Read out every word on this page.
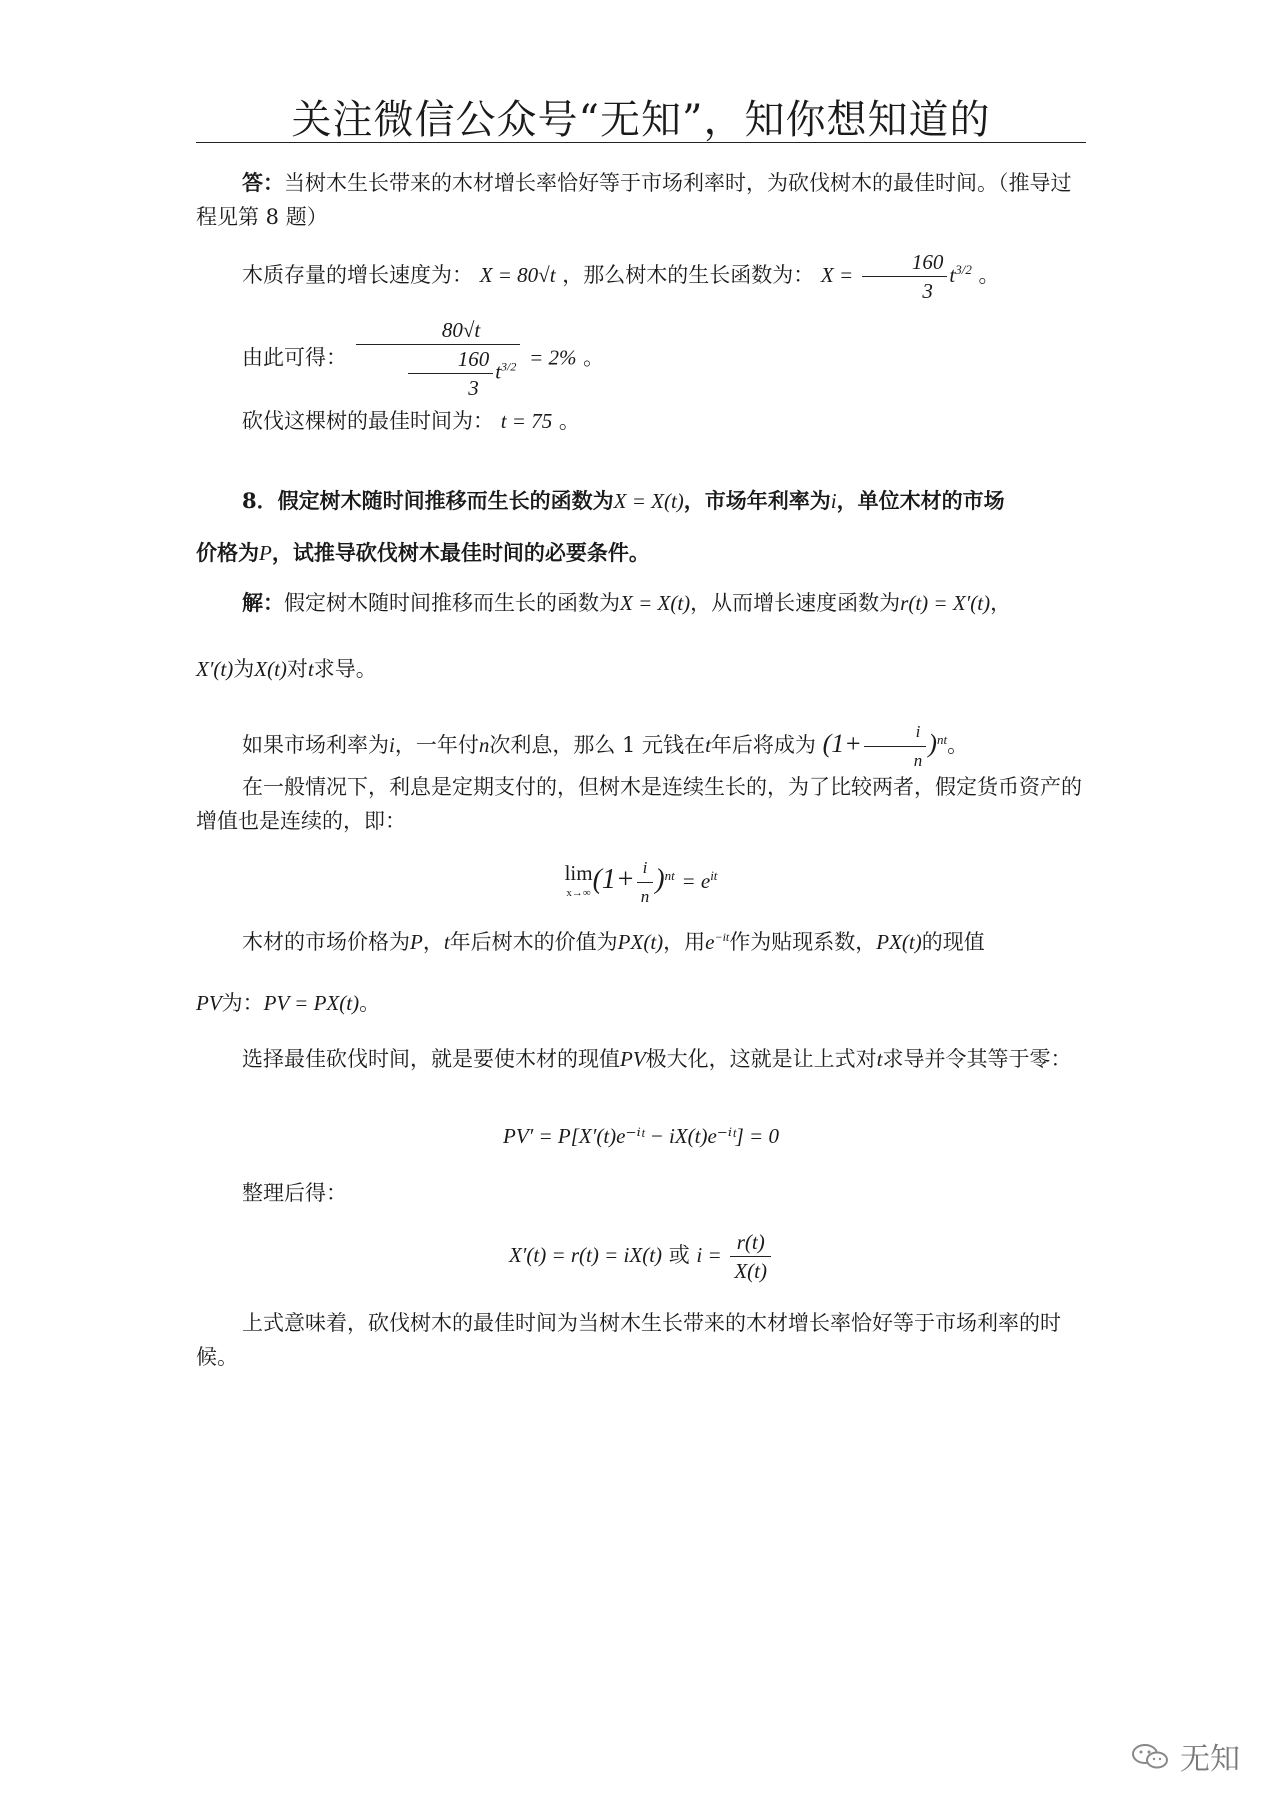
关注微信公众号“无知”，知你想知道的
答：当树木生长带来的木材增长率恰好等于市场利率时，为砍伐树木的最佳时间。（推导过程见第 8 题）
木质存量的增长速度为： X = 80√t ，那么树木的生长函数为： $X = \frac{160}{3} t^{3/2}$ 。
由此可得： $\frac{80√t}{\frac{160}{3} t^{3/2}} = 2\%$ 。
砍伐这棵树的最佳时间为： t = 75 。
8．假定树木随时间推移而生长的函数为X = X(t)，市场年利率为i，单位木材的市场
价格为P，试推导砍伐树木最佳时间的必要条件。
解：假定树木随时间推移而生长的函数为X = X(t)，从而增长速度函数为r(t) = X′(t)，
X′(t)为X(t)对t求导。
如果市场利率为i，一年付n次利息，那么 1 元钱在t年后将成为 $(1+ \frac{i}{n} )^{nt}$。
在一般情况下，利息是定期支付的，但树木是连续生长的，为了比较两者，假定货币资产的增值也是连续的，即：
lim
x→∞ $(1+ \frac{i}{n} )^{nt} = e^{it}$
木材的市场价格为P，t年后树木的价值为PX(t)，用$e^{-it}$作为贴现系数，PX(t)的现值
PV为：PV = PX(t)。
选择最佳砍伐时间，就是要使木材的现值PV极大化，这就是让上式对t求导并令其等于零：
PV′ = P[X′(t)e⁻ⁱᵗ − iX(t)e⁻ⁱᵗ] = 0
整理后得：
X′(t) = r(t) = iX(t) 或 $i = \frac{r(t)}{X(t)}$
上式意味着，砍伐树木的最佳时间为当树木生长带来的木材增长率恰好等于市场利率的时候。
无知
